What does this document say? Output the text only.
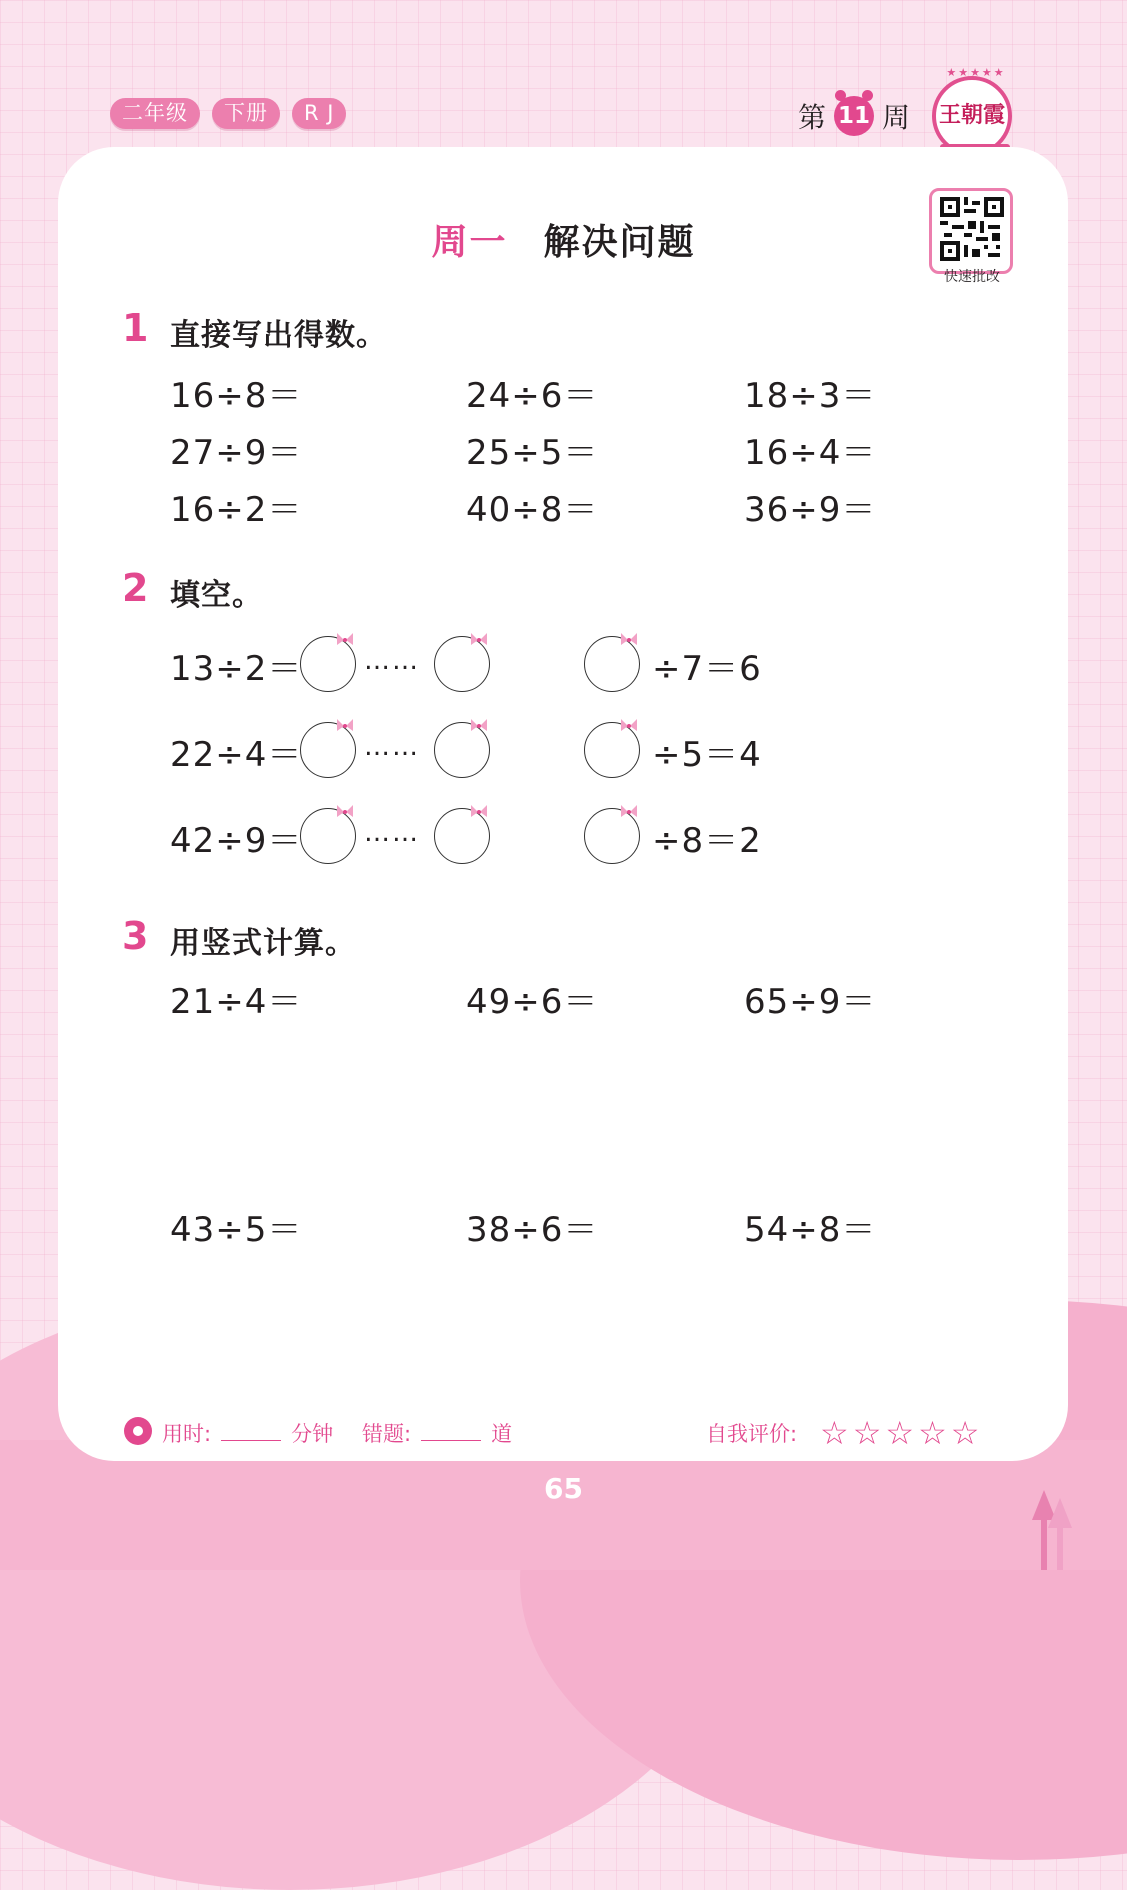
二年级	下册	R J	第 11 周 王朝霞
★★★★★
快速批改
周一 解决问题
1 直接写出得数。
16÷8＝	24÷6＝	18÷3＝
27÷9＝	25÷5＝	16÷4＝
16÷2＝	40÷8＝	36÷9＝
2 填空。
13÷2＝ ……	÷7＝6
22÷4＝ ……	÷5＝4
42÷9＝ ……	÷8＝2
3 用竖式计算。
21÷4＝	49÷6＝	65÷9＝
43÷5＝	38÷6＝	54÷8＝
用时:	分钟 错题:	道	自我评价: ☆☆☆☆☆
65
